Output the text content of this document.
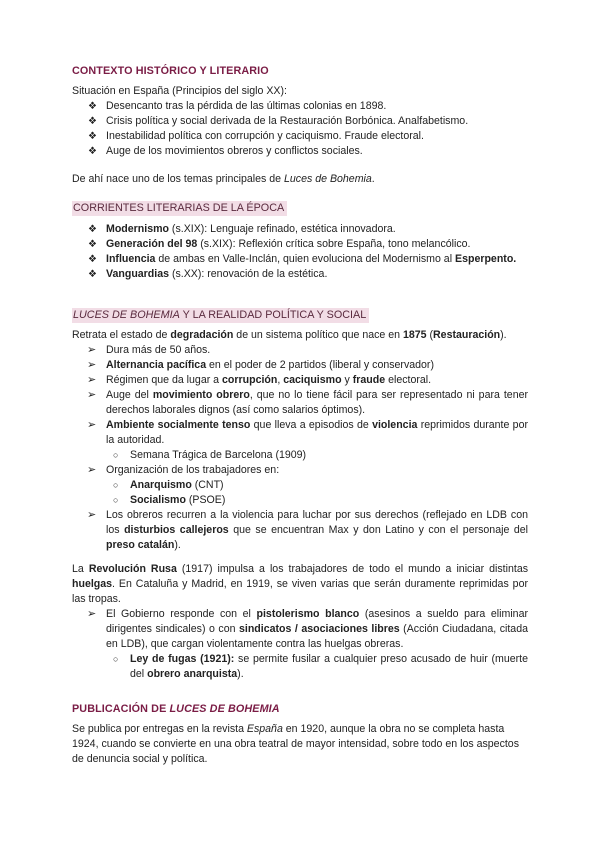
CONTEXTO HISTÓRICO Y LITERARIO

Situación en España (Principios del siglo XX):

❖ Desencanto tras la pérdida de las últimas colonias en 1898.
❖ Crisis política y social derivada de la Restauración Borbónica. Analfabetismo.
❖ Inestabilidad política con corrupción y caciquismo. Fraude electoral.
❖ Auge de los movimientos obreros y conflictos sociales.

De ahí nace uno de los temas principales de Luces de Bohemia.

CORRIENTES LITERARIAS DE LA ÉPOCA
❖ Modernismo (s.XIX): Lenguaje refinado, estética innovadora.
❖ Generación del 98 (s.XIX): Reflexión crítica sobre España, tono melancólico.
❖ Influencia de ambas en Valle-Inclán, quien evoluciona del Modernismo al Esperpento.
❖ Vanguardias (s.XX): renovación de la estética.
LUCES DE BOHEMIA Y LA REALIDAD POLÍTICA Y SOCIAL

Retrata el estado de degradación de un sistema político que nace en 1875 (Restauración).

➢ Dura más de 50 años.
➢ Alternancia pacífica en el poder de 2 partidos (liberal y conservador)
➢ Régimen que da lugar a corrupción, caciquismo y fraude electoral.
➢ Auge del movimiento obrero, que no lo tiene fácil para ser representado ni para tener derechos laborales dignos (así como salarios óptimos).
➢ Ambiente socialmente tenso que lleva a episodios de violencia reprimidos durante por la autoridad.
○ Semana Trágica de Barcelona (1909)
➢ Organización de los trabajadores en:
○ Anarquismo (CNT)
○ Socialismo (PSOE)
➢ Los obreros recurren a la violencia para luchar por sus derechos (reflejado en LDB con los disturbios callejeros que se encuentran Max y don Latino y con el personaje del preso catalán).

La Revolución Rusa (1917) impulsa a los trabajadores de todo el mundo a iniciar distintas huelgas. En Cataluña y Madrid, en 1919, se viven varias que serán duramente reprimidas por las tropas.

➢ El Gobierno responde con el pistolerismo blanco (asesinos a sueldo para eliminar dirigentes sindicales) o con sindicatos / asociaciones libres (Acción Ciudadana, citada en LDB), que cargan violentamente contra las huelgas obreras.
○ Ley de fugas (1921): se permite fusilar a cualquier preso acusado de huir (muerte del obrero anarquista).
PUBLICACIÓN DE LUCES DE BOHEMIA

Se publica por entregas en la revista España en 1920, aunque la obra no se completa hasta 1924, cuando se convierte en una obra teatral de mayor intensidad, sobre todo en los aspectos de denuncia social y política.
